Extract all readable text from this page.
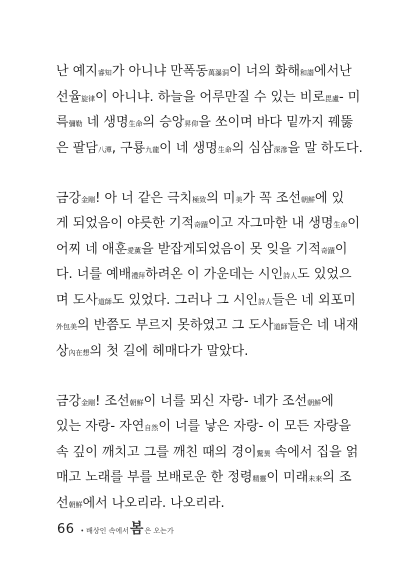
난 예지睿知가 아니냐 만폭동萬瀑洞이 너의 화해和諧에서난
선율旋律이 아니냐. 하늘을 어루만질 수 있는 비로毘盧- 미
륵彌勒 네 생명生命의 승앙昇仰을 쏘이며 바다 밑까지 꿰뚫
은 팔담八潭, 구룡九龍이 네 생명生命의 심삼深滲을 말 하도다.

금강金剛! 아 너 같은 극치極致의 미美가 꼭 조선朝鮮에 있
게 되었음이 야릇한 기적奇蹟이고 자그마한 내 생명生命이
어찌 네 애훈愛薰을 받잡게되었음이 못 잊을 기적奇蹟이
다. 너를 예배禮拜하려온 이 가운데는 시인詩人도 있었으
며 도사道師도 있었다. 그러나 그 시인詩人들은 네 외포미
外包美의 반쯤도 부르지 못하였고 그 도사道師들은 네 내재
상內在想의 첫 길에 헤매다가 말았다.

금강金剛! 조선朝鮮이 너를 뫼신 자랑- 네가 조선朝鮮에
있는 자랑- 자연自然이 너를 낳은 자랑- 이 모든 자랑을
속 깊이 깨치고 그를 깨친 때의 경이驚異 속에서 집을 얽
매고 노래를 부를 보배로운 한 정령精靈이 미래未來의 조
선朝鮮에서 나오리라. 나오리라.

66 • 배상인 속에서 봄 은 오는가
